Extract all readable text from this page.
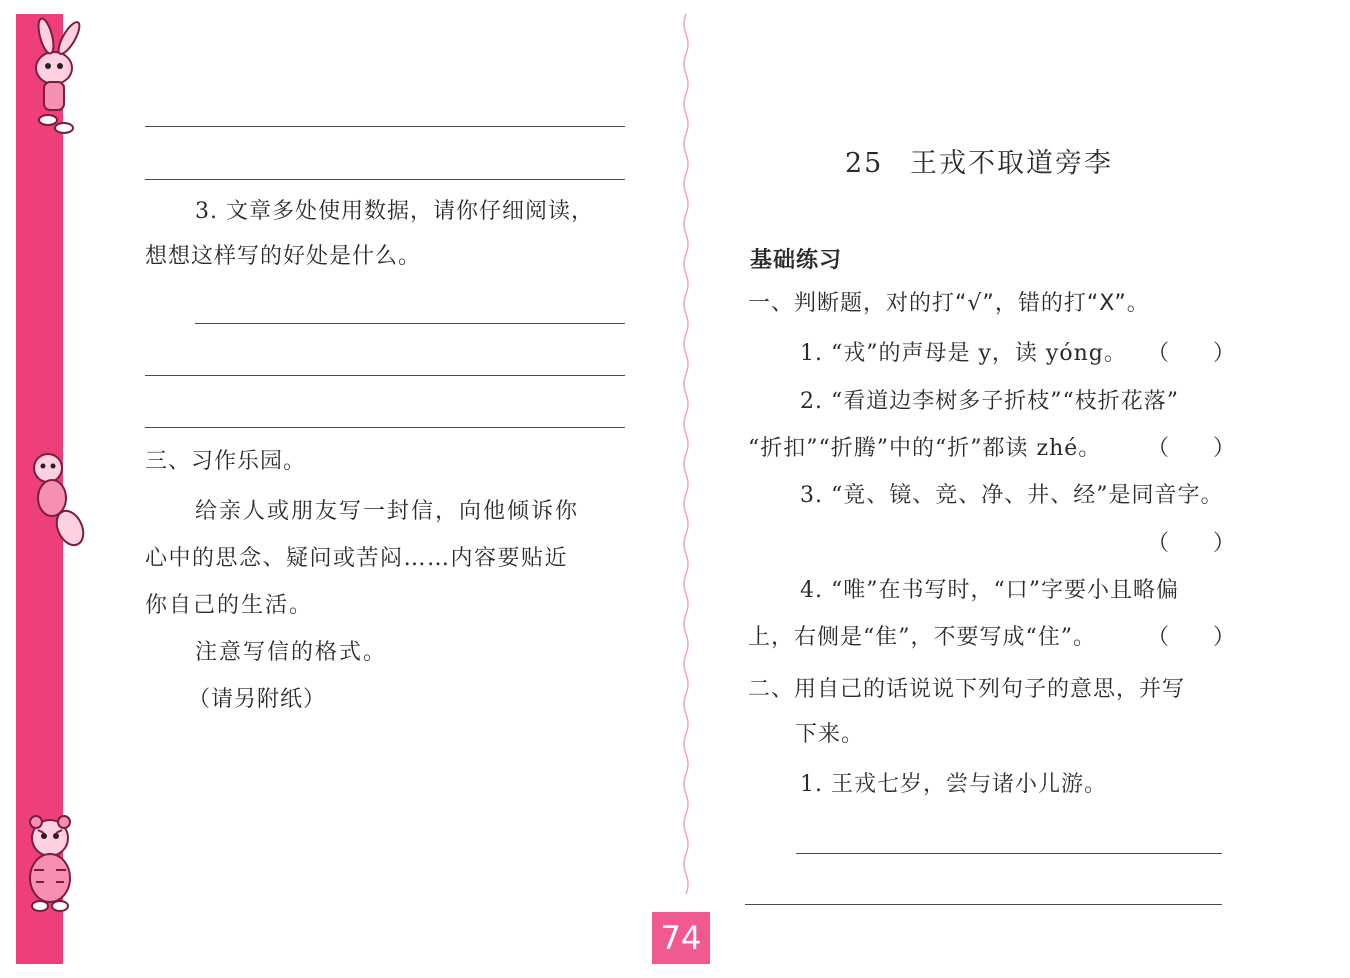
3. 文章多处使用数据，请你仔细阅读，
想想这样写的好处是什么。
三、习作乐园。
给亲人或朋友写一封信，向他倾诉你
心中的思念、疑问或苦闷……内容要贴近
你自己的生活。
注意写信的格式。
（请另附纸）
25 王戎不取道旁李
基础练习
一、判断题，对的打“√”，错的打“X”。
1. “戎”的声母是 y，读 yóng。 （　　）
2. “看道边李树多子折枝”“枝折花落”
“折扣”“折腾”中的“折”都读 zhé。 （　　）
3. “竟、镜、竞、净、井、经”是同音字。
（　　）
4. “唯”在书写时，“口”字要小且略偏
上，右侧是“隹”，不要写成“住”。 （　　）
二、用自己的话说说下列句子的意思，并写
下来。
1. 王戎七岁，尝与诸小儿游。
74
